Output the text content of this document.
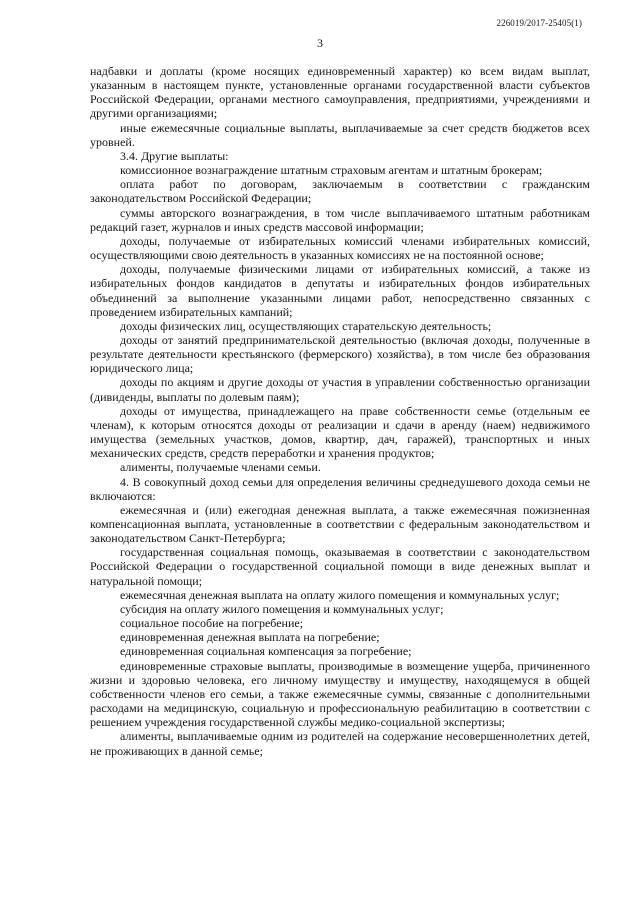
226019/2017-25405(1)
3

надбавки и доплаты (кроме носящих единовременный характер) ко всем видам выплат, указанным в настоящем пункте, установленные органами государственной власти субъектов Российской Федерации, органами местного самоуправления, предприятиями, учреждениями и другими организациями;

иные ежемесячные социальные выплаты, выплачиваемые за счет средств бюджетов всех уровней.

3.4. Другие выплаты:

комиссионное вознаграждение штатным страховым агентам и штатным брокерам;

оплата работ по договорам, заключаемым в соответствии с гражданским законодательством Российской Федерации;

суммы авторского вознаграждения, в том числе выплачиваемого штатным работникам редакций газет, журналов и иных средств массовой информации;

доходы, получаемые от избирательных комиссий членами избирательных комиссий, осуществляющими свою деятельность в указанных комиссиях не на постоянной основе;

доходы, получаемые физическими лицами от избирательных комиссий, а также из избирательных фондов кандидатов в депутаты и избирательных фондов избирательных объединений за выполнение указанными лицами работ, непосредственно связанных с проведением избирательных кампаний;

доходы физических лиц, осуществляющих старательскую деятельность;

доходы от занятий предпринимательской деятельностью (включая доходы, полученные в результате деятельности крестьянского (фермерского) хозяйства), в том числе без образования юридического лица;

доходы по акциям и другие доходы от участия в управлении собственностью организации (дивиденды, выплаты по долевым паям);

доходы от имущества, принадлежащего на праве собственности семье (отдельным ее членам), к которым относятся доходы от реализации и сдачи в аренду (наем) недвижимого имущества (земельных участков, домов, квартир, дач, гаражей), транспортных и иных механических средств, средств переработки и хранения продуктов;

алименты, получаемые членами семьи.

4. В совокупный доход семьи для определения величины среднедушевого дохода семьи не включаются:

ежемесячная и (или) ежегодная денежная выплата, а также ежемесячная пожизненная компенсационная выплата, установленные в соответствии с федеральным законодательством и законодательством Санкт-Петербурга;

государственная социальная помощь, оказываемая в соответствии с законодательством Российской Федерации о государственной социальной помощи в виде денежных выплат и натуральной помощи;

ежемесячная денежная выплата на оплату жилого помещения и коммунальных услуг;

субсидия на оплату жилого помещения и коммунальных услуг;

социальное пособие на погребение;

единовременная денежная выплата на погребение;

единовременная социальная компенсация за погребение;

единовременные страховые выплаты, производимые в возмещение ущерба, причиненного жизни и здоровью человека, его личному имуществу и имуществу, находящемуся в общей собственности членов его семьи, а также ежемесячные суммы, связанные с дополнительными расходами на медицинскую, социальную и профессиональную реабилитацию в соответствии с решением учреждения государственной службы медико-социальной экспертизы;

алименты, выплачиваемые одним из родителей на содержание несовершеннолетних детей, не проживающих в данной семье;
